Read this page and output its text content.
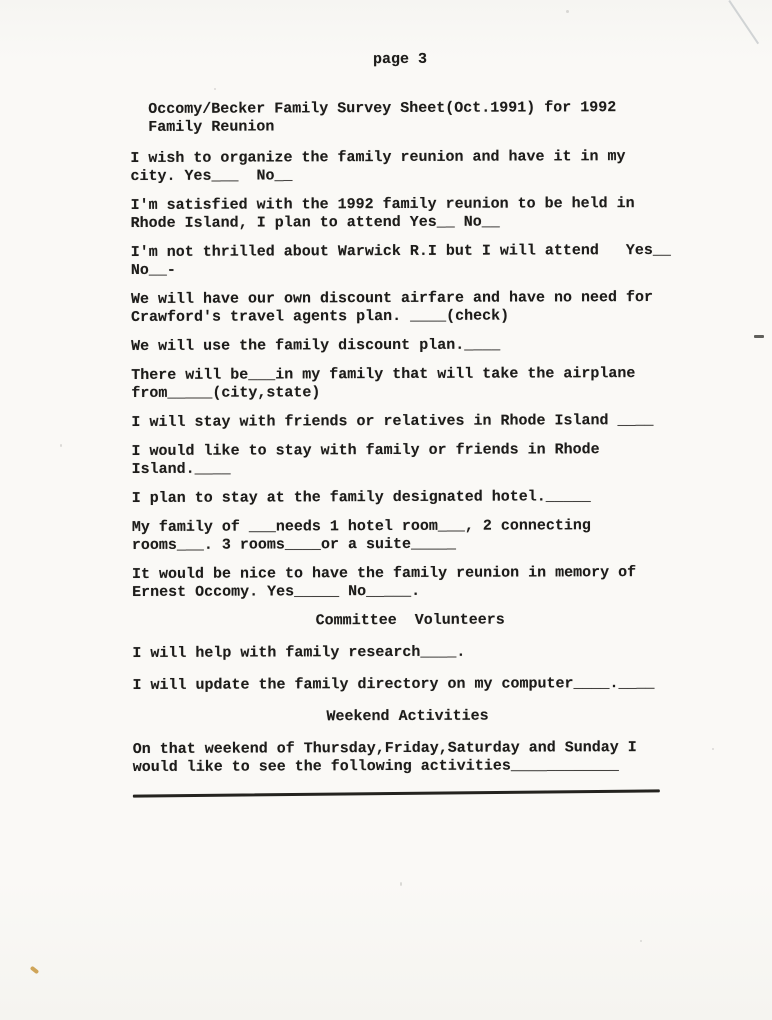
page 3
Occomy/Becker Family Survey Sheet(Oct.1991) for 1992
Family Reunion
I wish to organize the family reunion and have it in my
city. Yes___  No__
I'm satisfied with the 1992 family reunion to be held in
Rhode Island, I plan to attend Yes__ No__
I'm not thrilled about Warwick R.I but I will attend   Yes__
No__-
We will have our own discount airfare and have no need for
Crawford's travel agents plan. ____(check)
We will use the family discount plan.____
There will be___in my family that will take the airplane
from_____(city,state)
I will stay with friends or relatives in Rhode Island ____
I would like to stay with family or friends in Rhode
Island.____
I plan to stay at the family designated hotel._____
My family of ___needs 1 hotel room___, 2 connecting
rooms___. 3 rooms____or a suite_____
It would be nice to have the family reunion in memory of
Ernest Occomy. Yes_____ No_____.
Committee  Volunteers
I will help with family research____.
I will update the family directory on my computer____.____
Weekend Activities
On that weekend of Thursday,Friday,Saturday and Sunday I
would like to see the following activities____________
